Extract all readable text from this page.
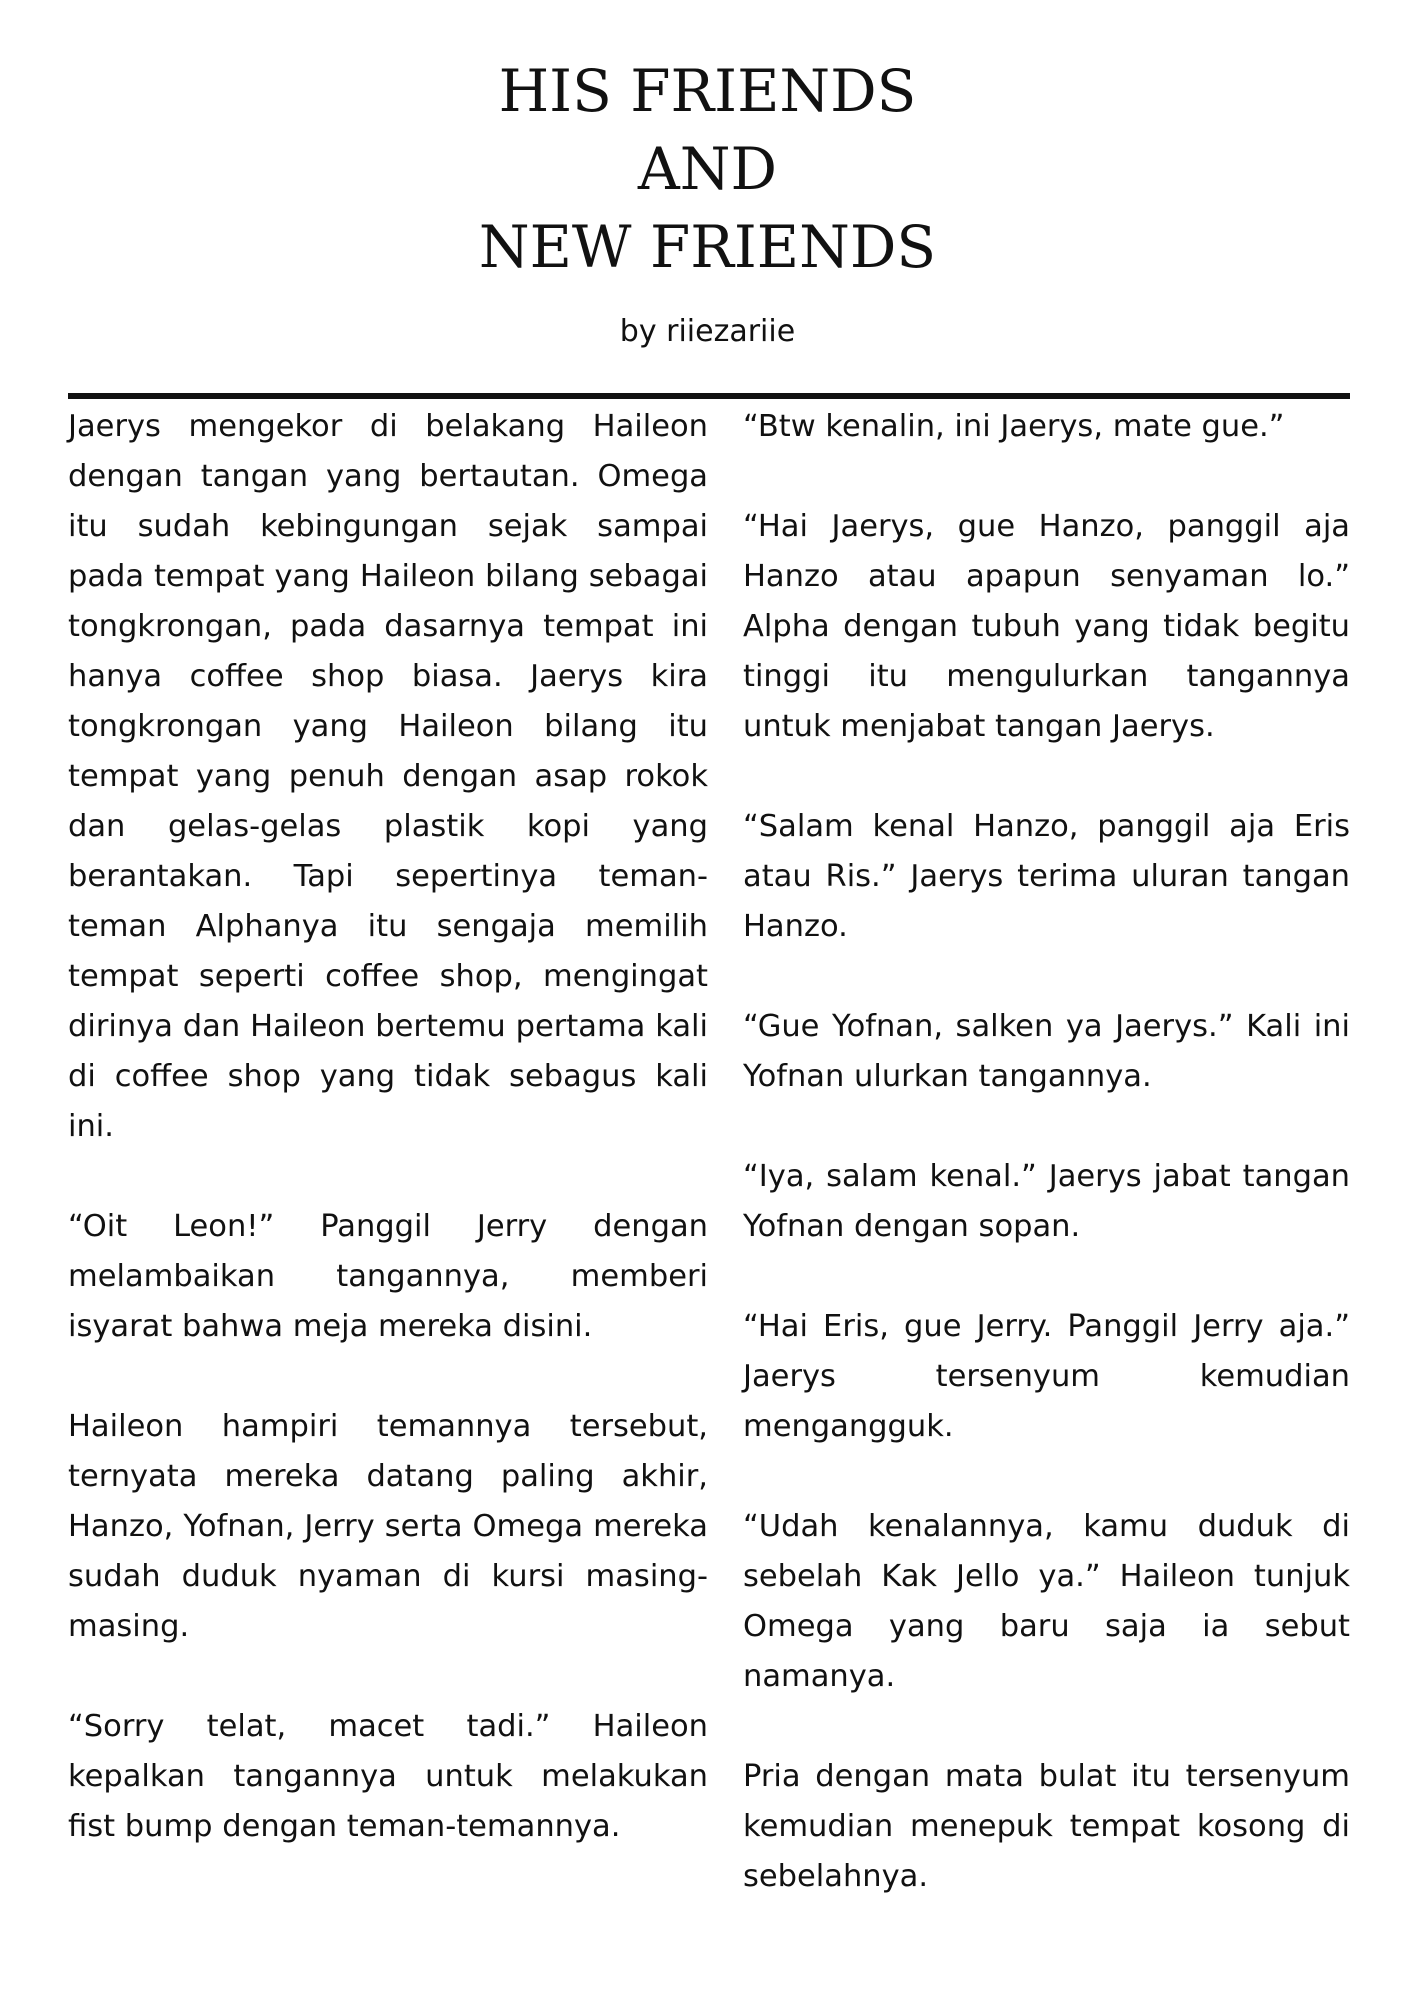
HIS FRIENDS
AND
NEW FRIENDS
by riiezariie

Jaerys mengekor di belakang Haileon dengan tangan yang bertautan. Omega itu sudah kebingungan sejak sampai pada tempat yang Haileon bilang sebagai tongkrongan, pada dasarnya tempat ini hanya coffee shop biasa. Jaerys kira tongkrongan yang Haileon bilang itu tempat yang penuh dengan asap rokok dan gelas-gelas plastik kopi yang berantakan. Tapi sepertinya teman-teman Alphanya itu sengaja memilih tempat seperti coffee shop, mengingat dirinya dan Haileon bertemu pertama kali di coffee shop yang tidak sebagus kali ini.

“Oit Leon!” Panggil Jerry dengan melambaikan tangannya, memberi isyarat bahwa meja mereka disini.

Haileon hampiri temannya tersebut, ternyata mereka datang paling akhir, Hanzo, Yofnan, Jerry serta Omega mereka sudah duduk nyaman di kursi masing-masing.

“Sorry telat, macet tadi.” Haileon kepalkan tangannya untuk melakukan fist bump dengan teman-temannya.

“Btw kenalin, ini Jaerys, mate gue.”

“Hai Jaerys, gue Hanzo, panggil aja Hanzo atau apapun senyaman lo.” Alpha dengan tubuh yang tidak begitu tinggi itu mengulurkan tangannya untuk menjabat tangan Jaerys.

“Salam kenal Hanzo, panggil aja Eris atau Ris.” Jaerys terima uluran tangan Hanzo.

“Gue Yofnan, salken ya Jaerys.” Kali ini Yofnan ulurkan tangannya.

“Iya, salam kenal.” Jaerys jabat tangan Yofnan dengan sopan.

“Hai Eris, gue Jerry. Panggil Jerry aja.” Jaerys tersenyum kemudian mengangguk.

“Udah kenalannya, kamu duduk di sebelah Kak Jello ya.” Haileon tunjuk Omega yang baru saja ia sebut namanya.

Pria dengan mata bulat itu tersenyum kemudian menepuk tempat kosong di sebelahnya.
